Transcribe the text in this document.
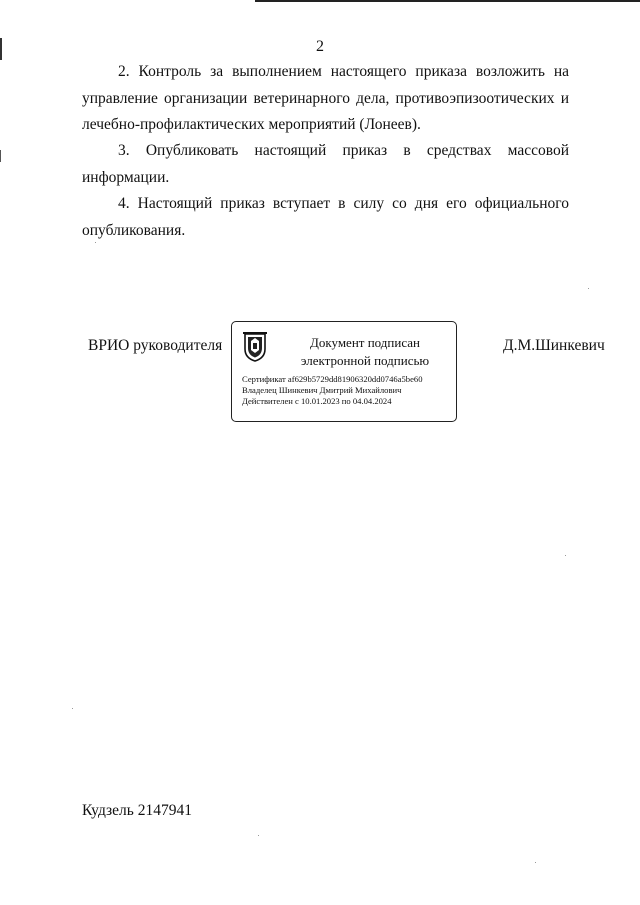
2

2. Контроль за выполнением настоящего приказа возложить на управление организации ветеринарного дела, противоэпизоотических и лечебно-профилактических мероприятий (Лонеев).

3. Опубликовать настоящий приказ в средствах массовой информации.

4. Настоящий приказ вступает в силу со дня его официального опубликования.

ВРИО руководителя	Документ подписан
электронной подписью
Сертификат af629b5729dd81906320dd0746a5be60
Владелец Шинкевич Дмитрий Михайлович
Действителен с 10.01.2023 по 04.04.2024
Д.М.Шинкевич
Кудзель 2147941
